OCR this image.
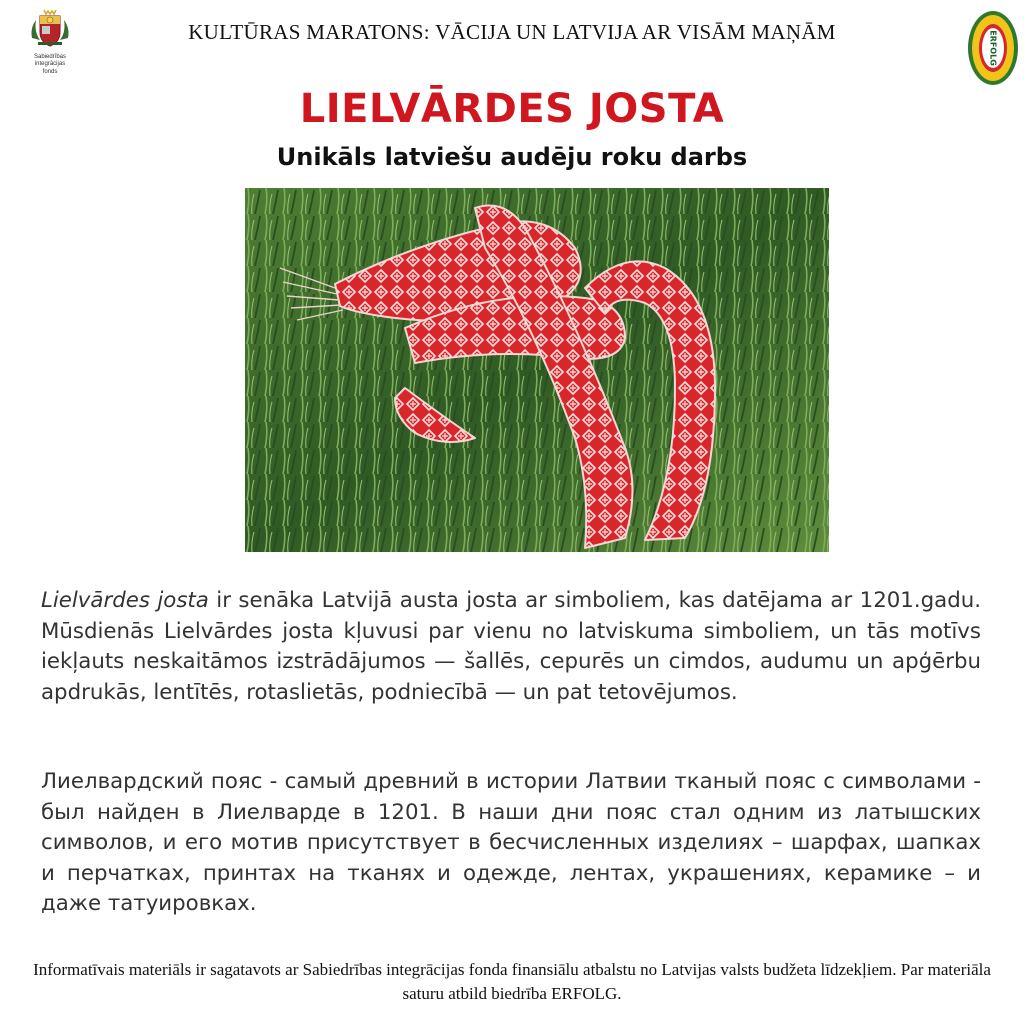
Sabiedrības integrācijas
fonds
KULTŪRAS MARATONS: VĀCIJA UN LATVIJA AR VISĀM MAŅĀM	ERFOLG
LIELVĀRDES JOSTA
Unikāls latviešu audēju roku darbs
Lielvārdes josta ir senāka Latvijā austa josta ar simboliem, kas datējama ar 1201.gadu. Mūsdienās Lielvārdes josta kļuvusi par vienu no latviskuma simboliem, un tās motīvs iekļauts neskaitāmos izstrādājumos — šallēs, cepurēs un cimdos, audumu un apģērbu apdrukās, lentītēs, rotaslietās, podniecībā — un pat tetovējumos.
Лиелвардский пояс - самый древний в истории Латвии тканый пояс с символами - был найден в Лиелварде в 1201. В наши дни пояс стал одним из латышских символов, и его мотив присутствует в бесчисленных изделиях – шарфах, шапках и перчатках, принтах на тканях и одежде, лентах, украшениях, керамике – и даже татуировках.
Informatīvais materiāls ir sagatavots ar Sabiedrības integrācijas fonda finansiālu atbalstu no Latvijas valsts budžeta līdzekļiem. Par materiāla saturu atbild biedrība ERFOLG.
